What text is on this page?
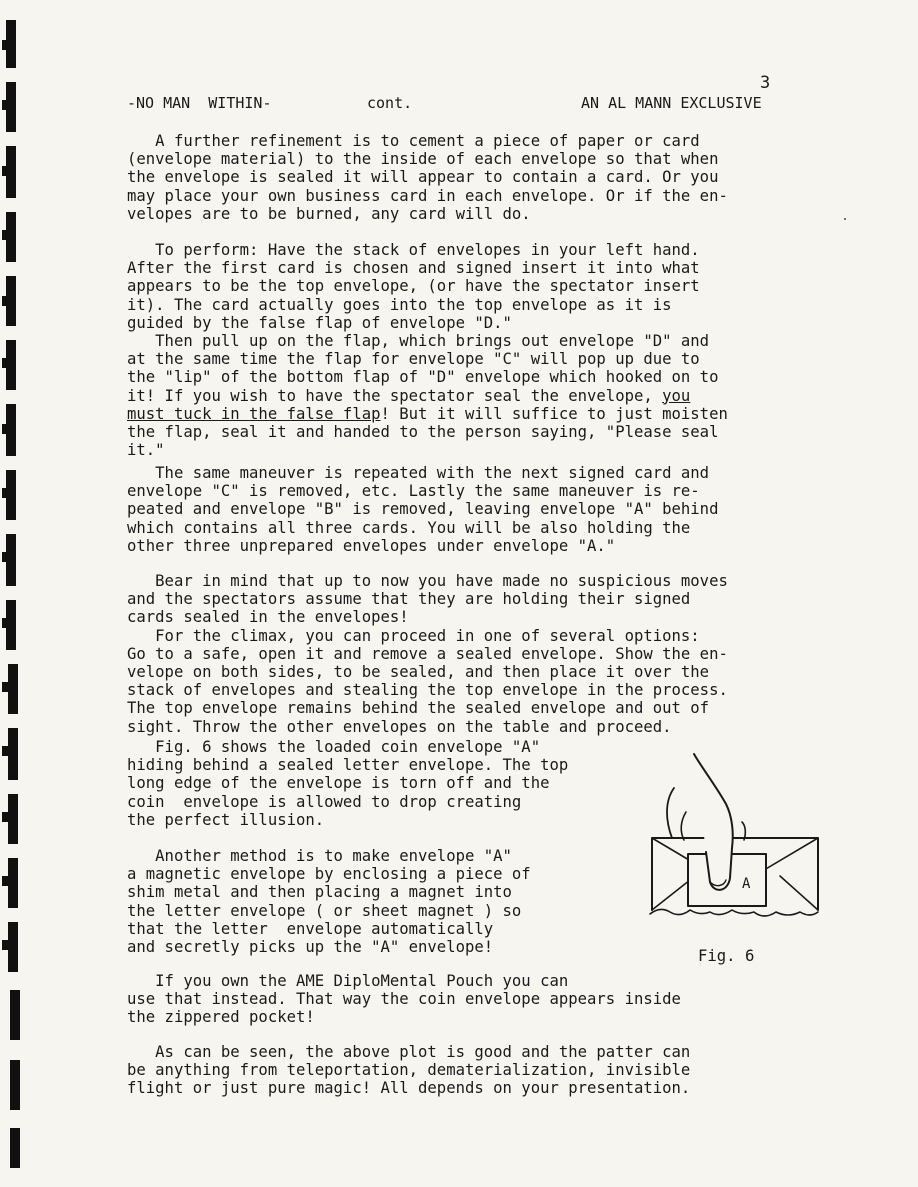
3
-NO MAN  WITHIN-	cont.	AN AL MANN EXCLUSIVE
A further refinement is to cement a piece of paper or card
(envelope material) to the inside of each envelope so that when
the envelope is sealed it will appear to contain a card. Or you
may place your own business card in each envelope. Or if the en-
velopes are to be burned, any card will do.
To perform: Have the stack of envelopes in your left hand.
After the first card is chosen and signed insert it into what
appears to be the top envelope, (or have the spectator insert
it). The card actually goes into the top envelope as it is
guided by the false flap of envelope "D."
Then pull up on the flap, which brings out envelope "D" and
at the same time the flap for envelope "C" will pop up due to
the "lip" of the bottom flap of "D" envelope which hooked on to
it! If you wish to have the spectator seal the envelope, you
must tuck in the false flap! But it will suffice to just moisten
the flap, seal it and handed to the person saying, "Please seal
it."
The same maneuver is repeated with the next signed card and
envelope "C" is removed, etc. Lastly the same maneuver is re-
peated and envelope "B" is removed, leaving envelope "A" behind
which contains all three cards. You will be also holding the
other three unprepared envelopes under envelope "A."
Bear in mind that up to now you have made no suspicious moves
and the spectators assume that they are holding their signed
cards sealed in the envelopes!
For the climax, you can proceed in one of several options:
Go to a safe, open it and remove a sealed envelope. Show the en-
velope on both sides, to be sealed, and then place it over the
stack of envelopes and stealing the top envelope in the process.
The top envelope remains behind the sealed envelope and out of
sight. Throw the other envelopes on the table and proceed.
Fig. 6 shows the loaded coin envelope "A"
hiding behind a sealed letter envelope. The top
long edge of the envelope is torn off and the
coin  envelope is allowed to drop creating
the perfect illusion.
Another method is to make envelope "A"
a magnetic envelope by enclosing a piece of
shim metal and then placing a magnet into
the letter envelope ( or sheet magnet ) so
that the letter  envelope automatically
and secretly picks up the "A" envelope!
A
Fig. 6
If you own the AME DiploMental Pouch you can
use that instead. That way the coin envelope appears inside
the zippered pocket!
As can be seen, the above plot is good and the patter can
be anything from teleportation, dematerialization, invisible
flight or just pure magic! All depends on your presentation.
